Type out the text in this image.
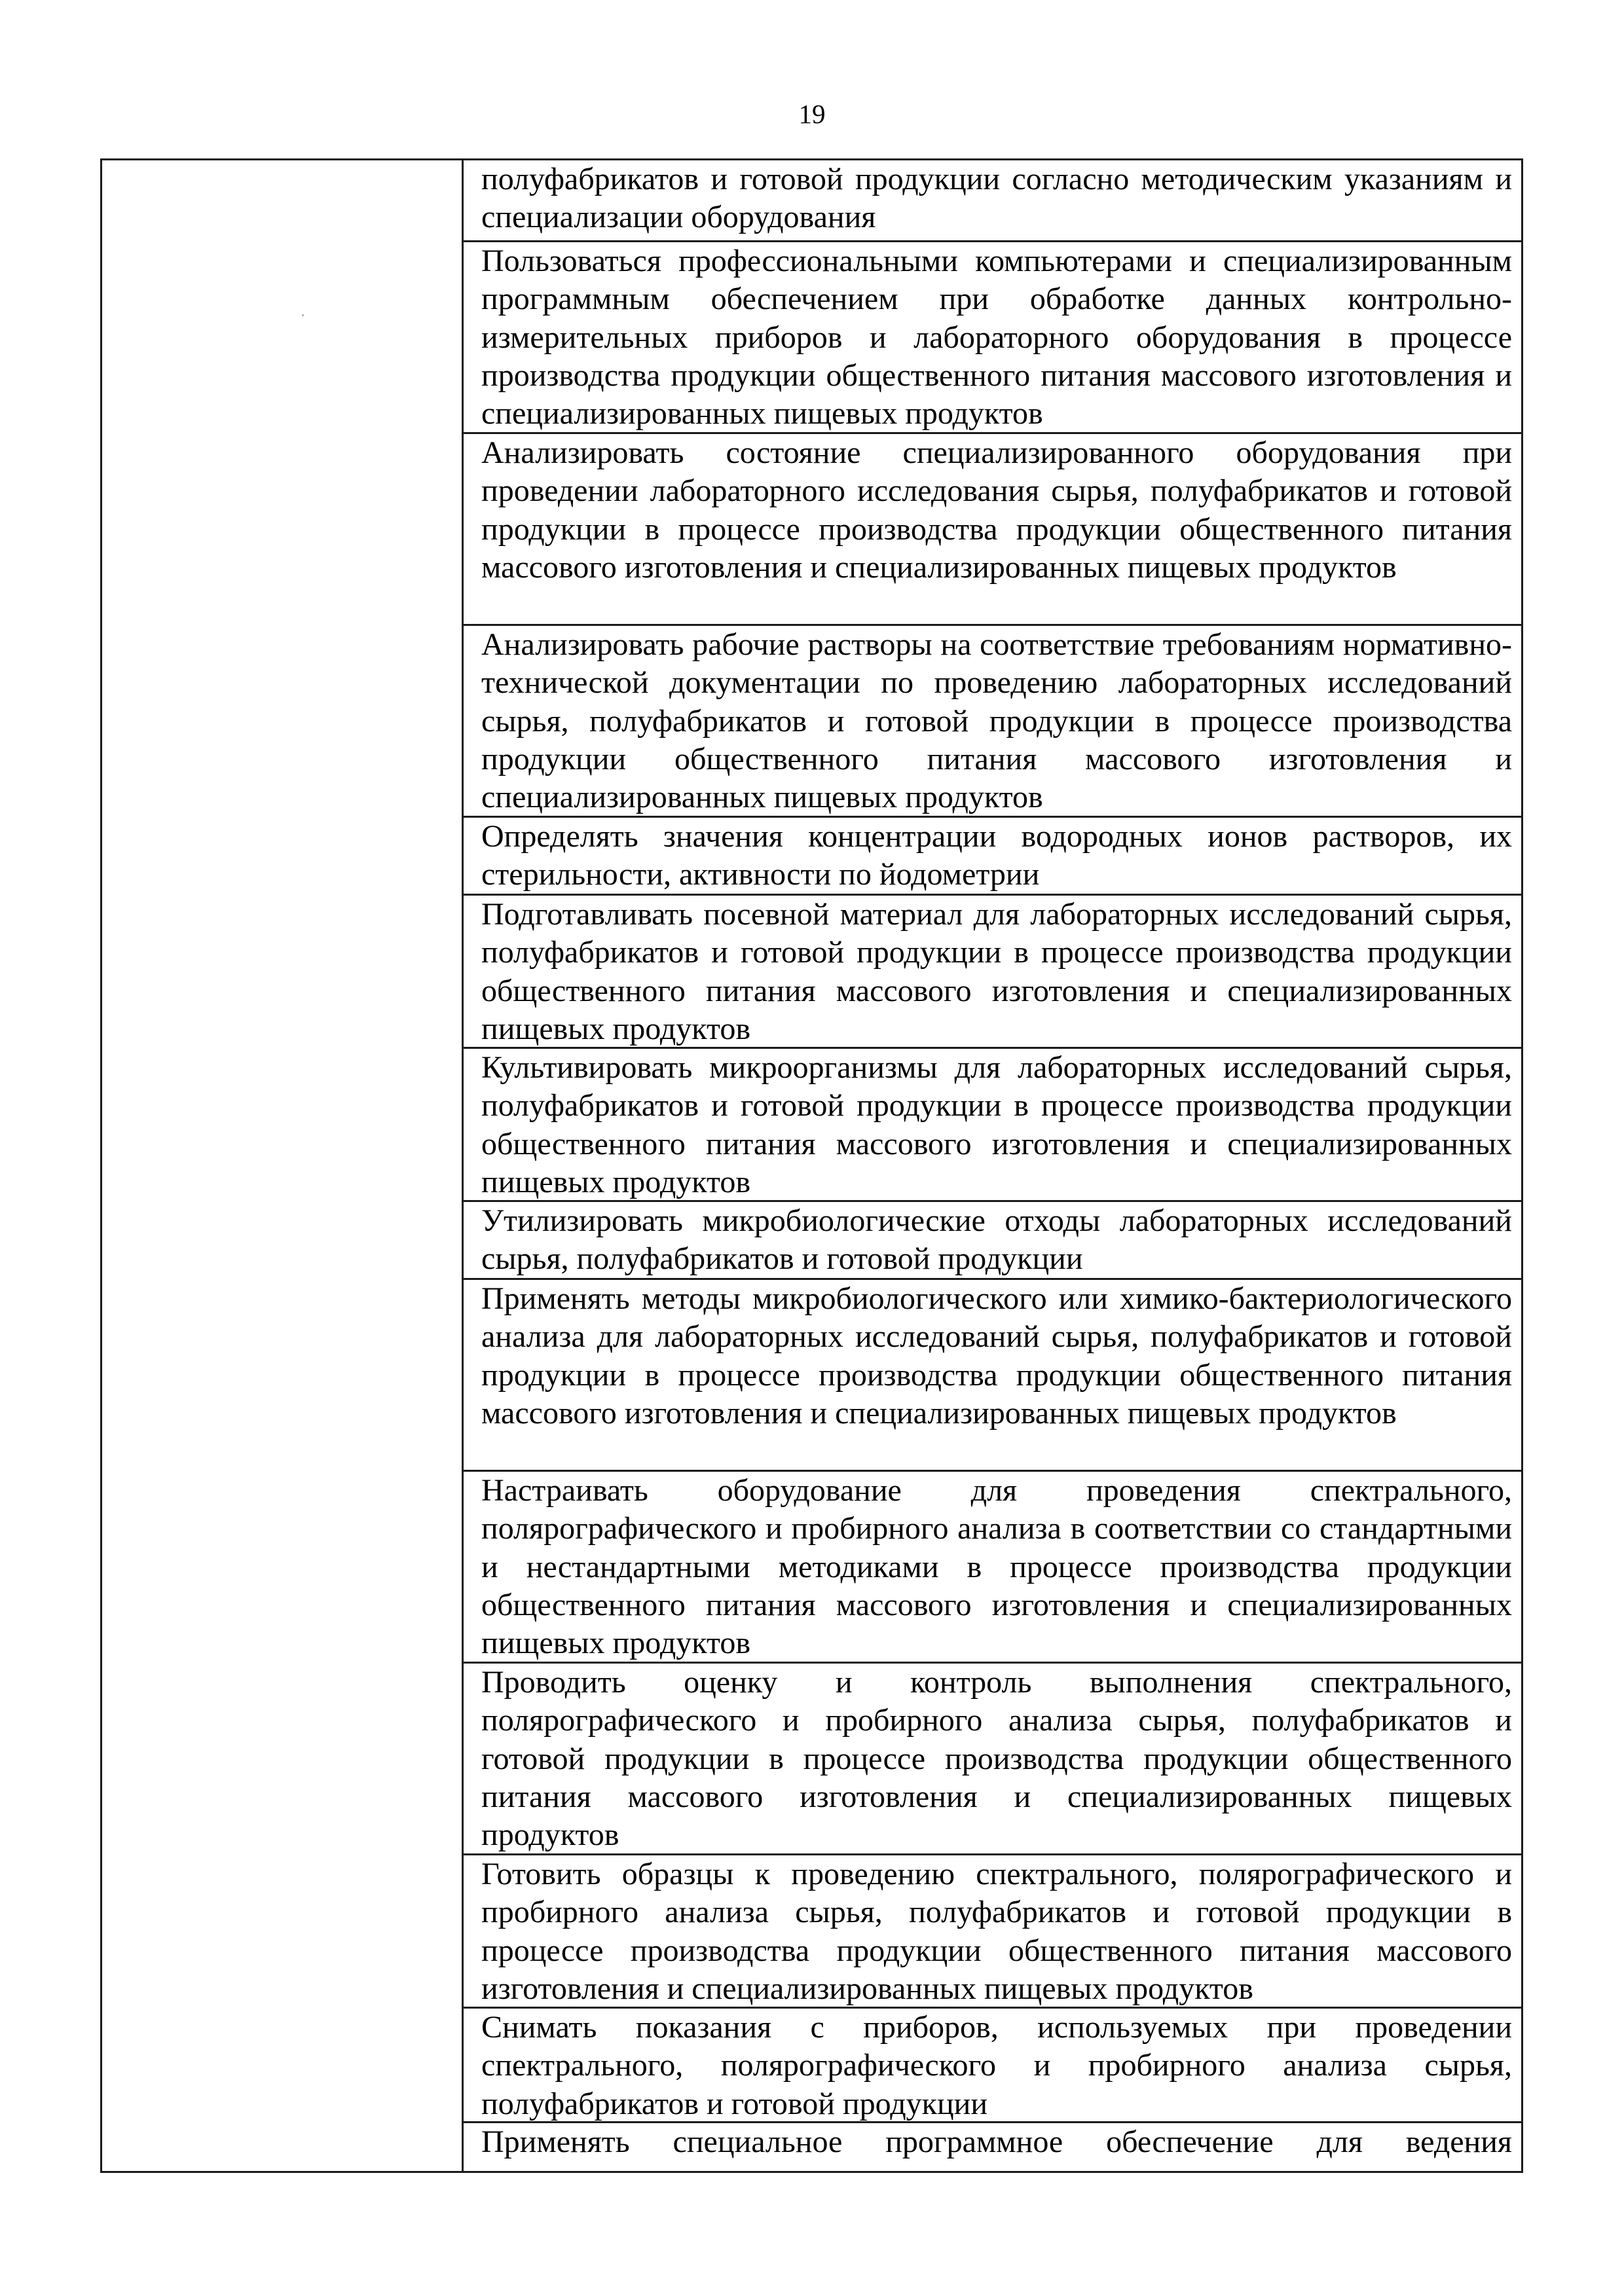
19
полуфабрикатов и готовой продукции согласно методическим указаниям и специализации оборудования
Пользоваться профессиональными компьютерами и специализированным программным обеспечением при обработке данных контрольно-измерительных приборов и лабораторного оборудования в процессе производства продукции общественного питания массового изготовления и специализированных пищевых продуктов
Анализировать состояние специализированного оборудования при проведении лабораторного исследования сырья, полуфабрикатов и готовой продукции в процессе производства продукции общественного питания массового изготовления и специализированных пищевых продуктов
Анализировать рабочие растворы на соответствие требованиям нормативно-технической документации по проведению лабораторных исследований сырья, полуфабрикатов и готовой продукции в процессе производства продукции общественного питания массового изготовления и специализированных пищевых продуктов
Определять значения концентрации водородных ионов растворов, их стерильности, активности по йодометрии
Подготавливать посевной материал для лабораторных исследований сырья, полуфабрикатов и готовой продукции в процессе производства продукции общественного питания массового изготовления и специализированных пищевых продуктов
Культивировать микроорганизмы для лабораторных исследований сырья, полуфабрикатов и готовой продукции в процессе производства продукции общественного питания массового изготовления и специализированных пищевых продуктов
Утилизировать микробиологические отходы лабораторных исследований сырья, полуфабрикатов и готовой продукции
Применять методы микробиологического или химико-бактериологического анализа для лабораторных исследований сырья, полуфабрикатов и готовой продукции в процессе производства продукции общественного питания массового изготовления и специализированных пищевых продуктов
Настраивать оборудование для проведения спектрального, полярографического и пробирного анализа в соответствии со стандартными и нестандартными методиками в процессе производства продукции общественного питания массового изготовления и специализированных пищевых продуктов
Проводить оценку и контроль выполнения спектрального, полярографического и пробирного анализа сырья, полуфабрикатов и готовой продукции в процессе производства продукции общественного питания массового изготовления и специализированных пищевых продуктов
Готовить образцы к проведению спектрального, полярографического и пробирного анализа сырья, полуфабрикатов и готовой продукции в процессе производства продукции общественного питания массового изготовления и специализированных пищевых продуктов
Снимать показания с приборов, используемых при проведении спектрального, полярографического и пробирного анализа сырья, полуфабрикатов и готовой продукции
Применять специальное программное обеспечение для ведения
